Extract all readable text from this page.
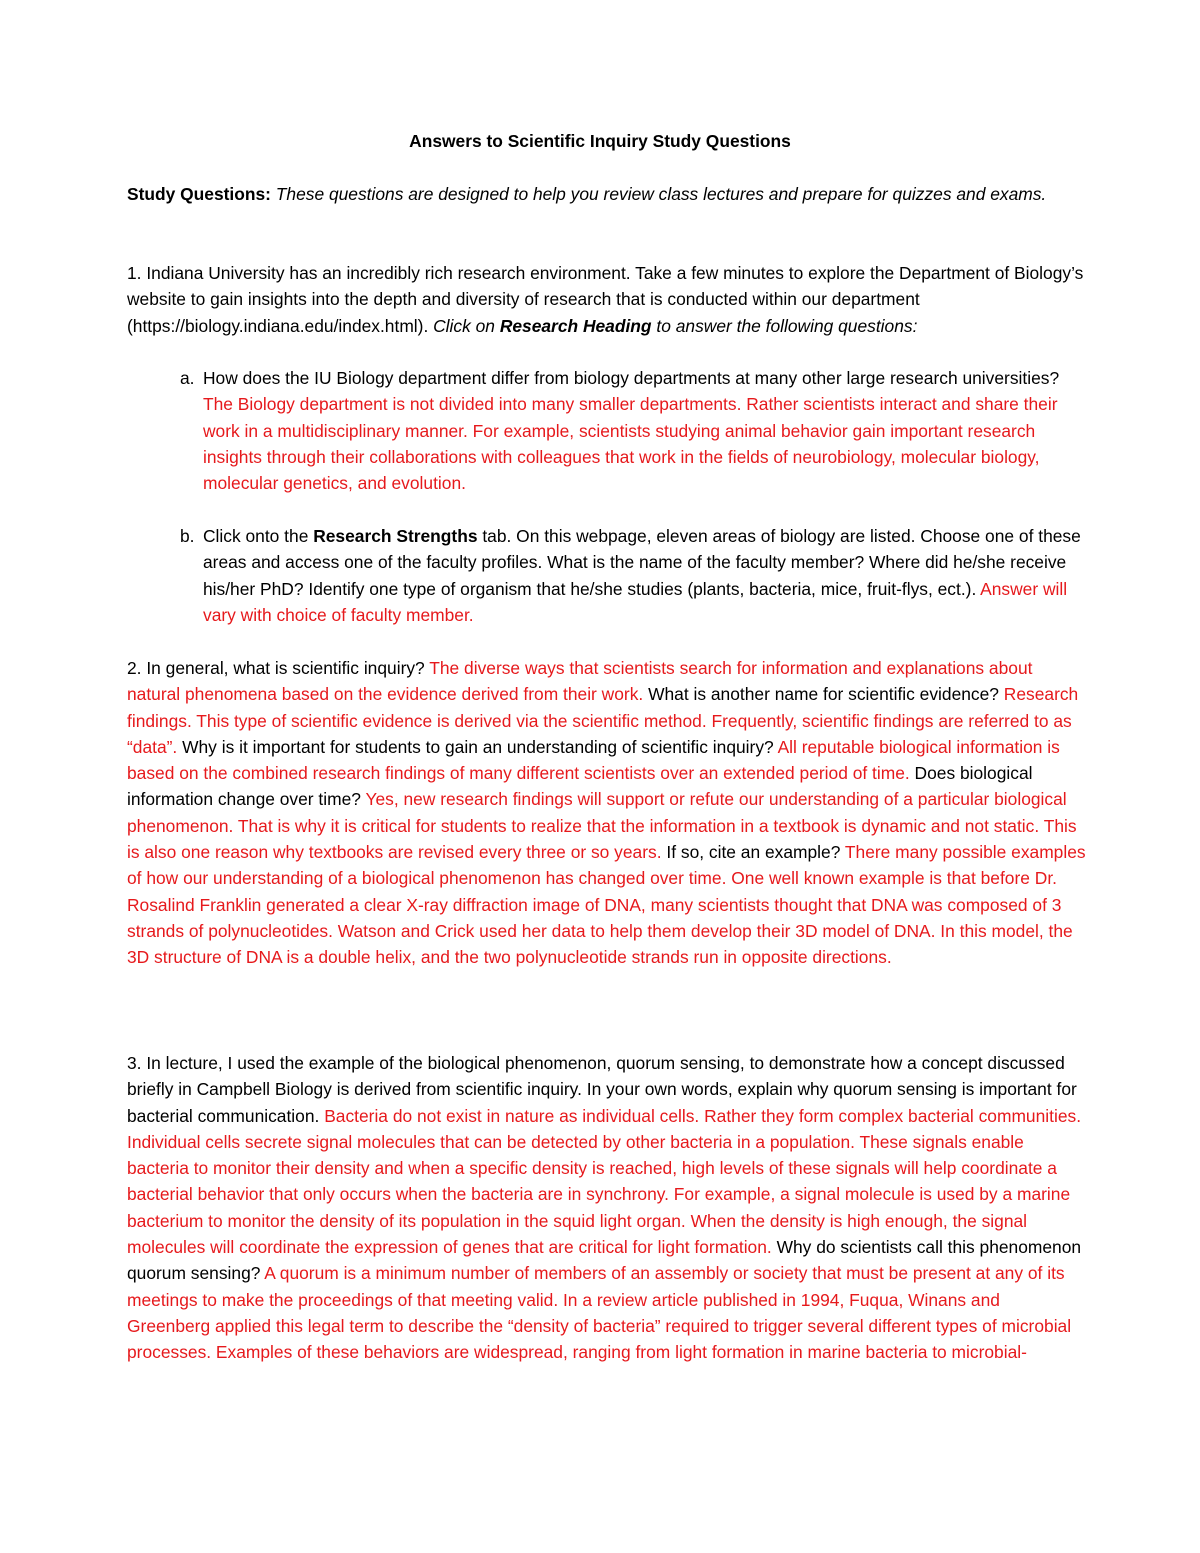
Answers to Scientific Inquiry Study Questions
Study Questions: These questions are designed to help you review class lectures and prepare for quizzes and exams.
1. Indiana University has an incredibly rich research environment. Take a few minutes to explore the Department of Biology’s website to gain insights into the depth and diversity of research that is conducted within our department (https://biology.indiana.edu/index.html). Click on Research Heading to answer the following questions:
a. How does the IU Biology department differ from biology departments at many other large research universities? The Biology department is not divided into many smaller departments. Rather scientists interact and share their work in a multidisciplinary manner. For example, scientists studying animal behavior gain important research insights through their collaborations with colleagues that work in the fields of neurobiology, molecular biology, molecular genetics, and evolution.
b. Click onto the Research Strengths tab. On this webpage, eleven areas of biology are listed. Choose one of these areas and access one of the faculty profiles. What is the name of the faculty member? Where did he/she receive his/her PhD? Identify one type of organism that he/she studies (plants, bacteria, mice, fruit-flys, ect.). Answer will vary with choice of faculty member.
2. In general, what is scientific inquiry? The diverse ways that scientists search for information and explanations about natural phenomena based on the evidence derived from their work. What is another name for scientific evidence? Research findings. This type of scientific evidence is derived via the scientific method. Frequently, scientific findings are referred to as “data”. Why is it important for students to gain an understanding of scientific inquiry? All reputable biological information is based on the combined research findings of many different scientists over an extended period of time. Does biological information change over time? Yes, new research findings will support or refute our understanding of a particular biological phenomenon. That is why it is critical for students to realize that the information in a textbook is dynamic and not static. This is also one reason why textbooks are revised every three or so years. If so, cite an example? There many possible examples of how our understanding of a biological phenomenon has changed over time. One well known example is that before Dr. Rosalind Franklin generated a clear X-ray diffraction image of DNA, many scientists thought that DNA was composed of 3 strands of polynucleotides. Watson and Crick used her data to help them develop their 3D model of DNA. In this model, the 3D structure of DNA is a double helix, and the two polynucleotide strands run in opposite directions.
3. In lecture, I used the example of the biological phenomenon, quorum sensing, to demonstrate how a concept discussed briefly in Campbell Biology is derived from scientific inquiry. In your own words, explain why quorum sensing is important for bacterial communication. Bacteria do not exist in nature as individual cells. Rather they form complex bacterial communities. Individual cells secrete signal molecules that can be detected by other bacteria in a population. These signals enable bacteria to monitor their density and when a specific density is reached, high levels of these signals will help coordinate a bacterial behavior that only occurs when the bacteria are in synchrony. For example, a signal molecule is used by a marine bacterium to monitor the density of its population in the squid light organ. When the density is high enough, the signal molecules will coordinate the expression of genes that are critical for light formation. Why do scientists call this phenomenon quorum sensing? A quorum is a minimum number of members of an assembly or society that must be present at any of its meetings to make the proceedings of that meeting valid. In a review article published in 1994, Fuqua, Winans and Greenberg applied this legal term to describe the “density of bacteria” required to trigger several different types of microbial processes. Examples of these behaviors are widespread, ranging from light formation in marine bacteria to microbial-
